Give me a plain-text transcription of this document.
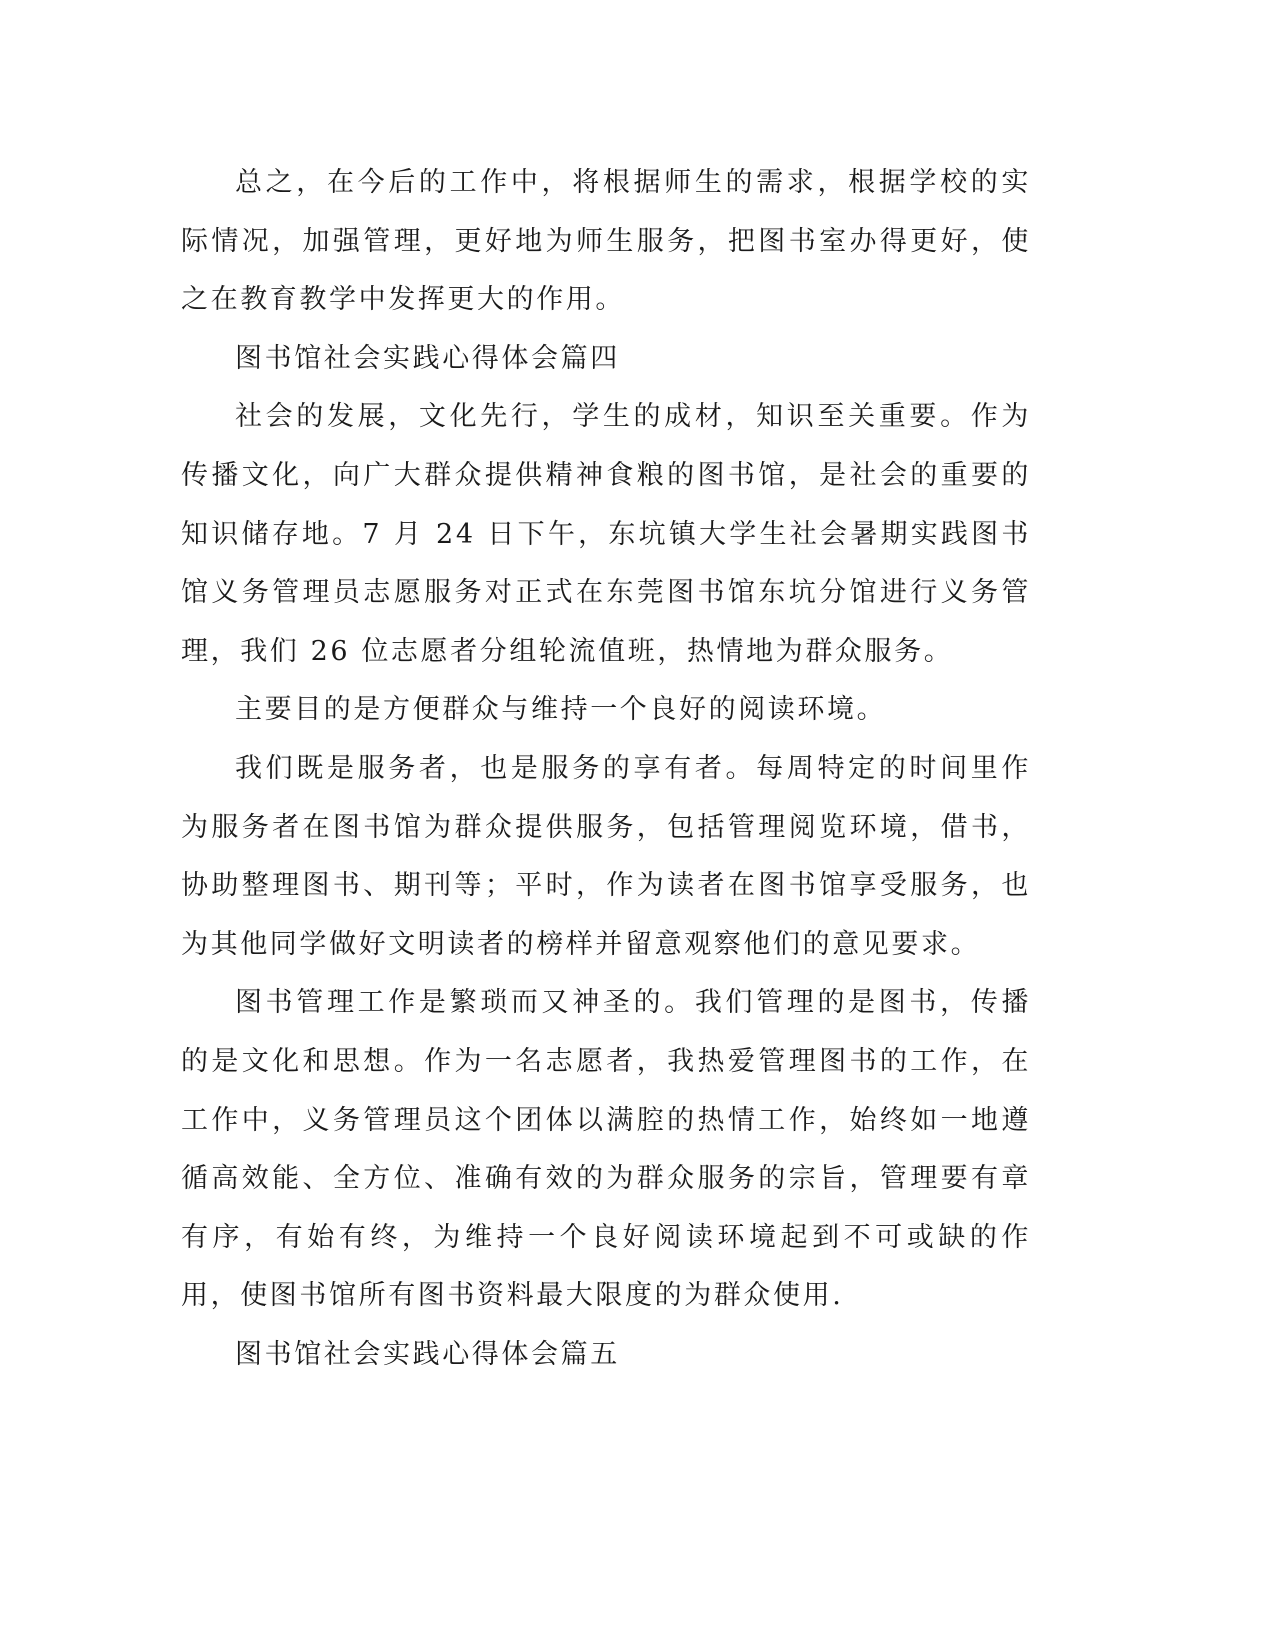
总之，在今后的工作中，将根据师生的需求，根据学校的实际情况，加强管理，更好地为师生服务，把图书室办得更好，使之在教育教学中发挥更大的作用。

图书馆社会实践心得体会篇四

社会的发展，文化先行，学生的成材，知识至关重要。作为传播文化，向广大群众提供精神食粮的图书馆，是社会的重要的知识储存地。7 月 24 日下午，东坑镇大学生社会暑期实践图书馆义务管理员志愿服务对正式在东莞图书馆东坑分馆进行义务管理，我们 26 位志愿者分组轮流值班，热情地为群众服务。

主要目的是方便群众与维持一个良好的阅读环境。

我们既是服务者，也是服务的享有者。每周特定的时间里作为服务者在图书馆为群众提供服务，包括管理阅览环境，借书，协助整理图书、期刊等；平时，作为读者在图书馆享受服务，也为其他同学做好文明读者的榜样并留意观察他们的意见要求。

图书管理工作是繁琐而又神圣的。我们管理的是图书，传播的是文化和思想。作为一名志愿者，我热爱管理图书的工作，在工作中，义务管理员这个团体以满腔的热情工作，始终如一地遵循高效能、全方位、准确有效的为群众服务的宗旨，管理要有章有序，有始有终，为维持一个良好阅读环境起到不可或缺的作用，使图书馆所有图书资料最大限度的为群众使用.

图书馆社会实践心得体会篇五
